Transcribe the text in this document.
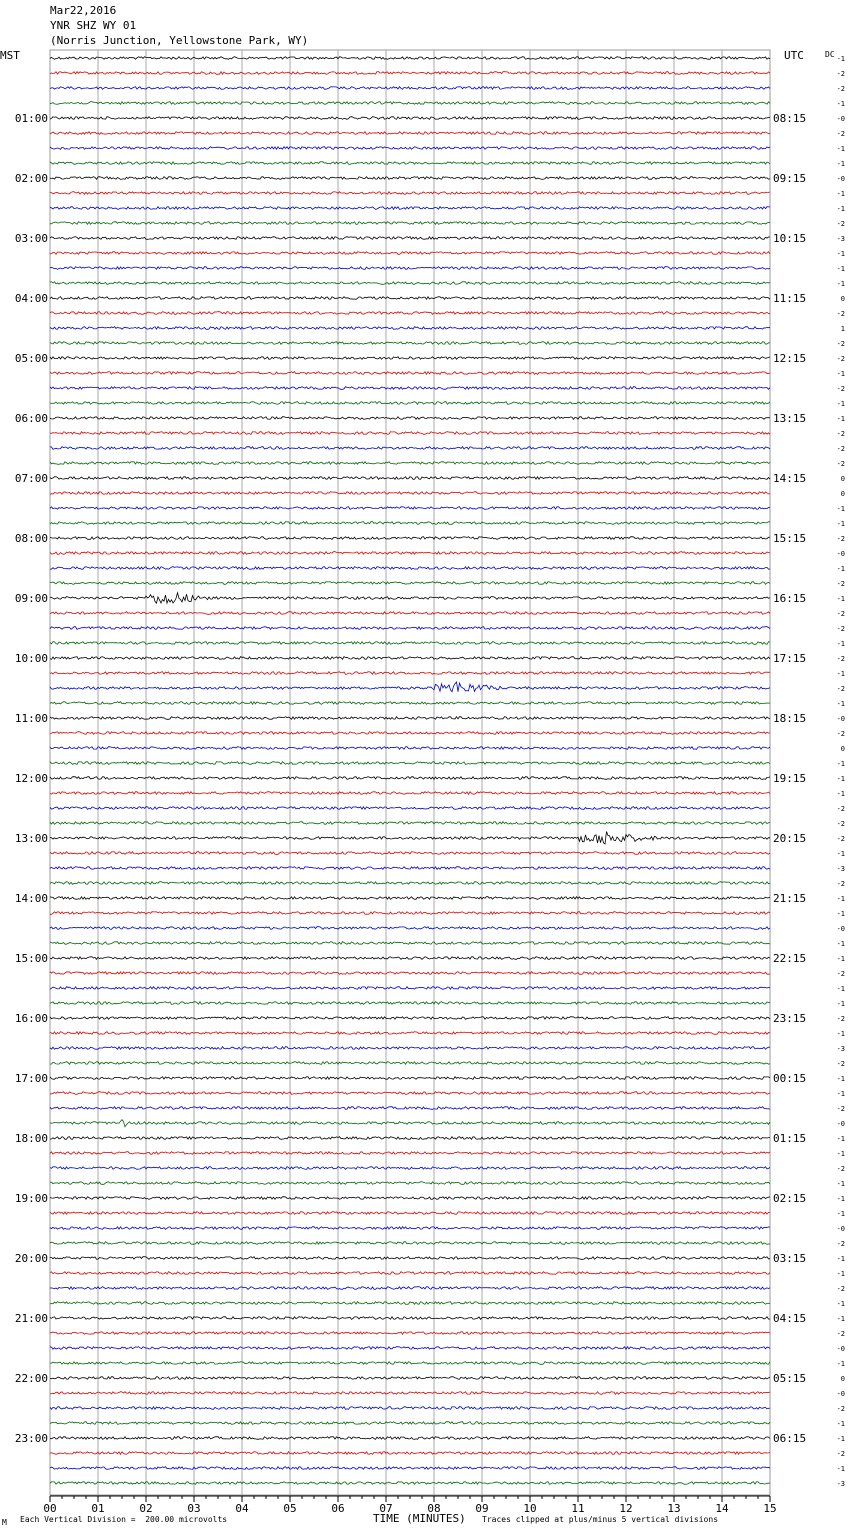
Mar22,2016
YNR SHZ WY 01
(Norris Junction, Yellowstone Park, WY)
MST	UTC	DC -1
-2
-2
-1
-0
-2
-1
-1
-0
-1
-1
-2
-3
-1
-1
-1
0
-2
1
-2
-2
-1
-2
-1
-1
-2
-2
-2
0
0
-1
-1
-2
-0
-1
-2
-1
-2
-2
-1
-2
-1
-2
-1
-0
-2
0
-1
-1
-1
-2
-2
-2
-1
-3
-2
-1
-1
-0
-1
-1
-2
-1
-1
-2
-1
-3
-2
-1
-1
-2
-0
-1
-1
-2
-1
-1
-1
-0
-2
-1
-1
-2
-1
-1
-2
-0
-1
0
-0
-2
-1
-1
-2
-1
-3
01:00	08:15
02:00	09:15
03:00	10:15
04:00	11:15
05:00	12:15
06:00	13:15
07:00	14:15
08:00	15:15
09:00	16:15
10:00	17:15
11:00	18:15
12:00	19:15
13:00	20:15
14:00	21:15
15:00	22:15
16:00	23:15
17:00	00:15
18:00	01:15
19:00	02:15
20:00	03:15
21:00	04:15
22:00	05:15
23:00	06:15
00	01	02	03	04	05	06	07	08	09	10	11	12	13	14	15
M Each Vertical Division =  200.00 microvolts	TIME (MINUTES) Traces clipped at plus/minus 5 vertical divisions
